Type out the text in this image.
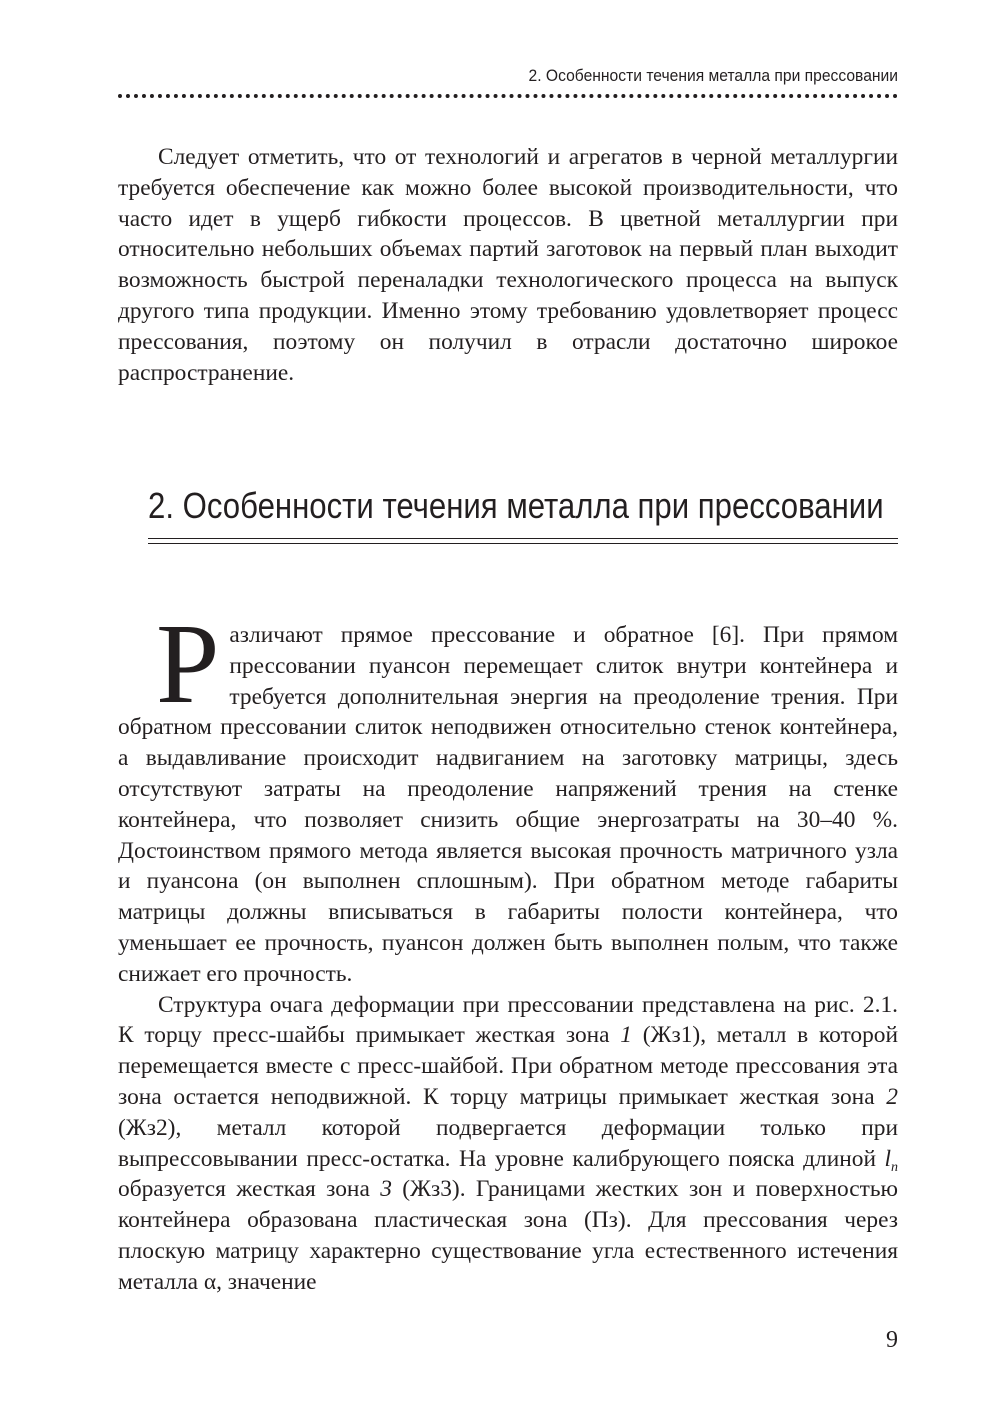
2. Особенности течения металла при прессовании

Следует отметить, что от технологий и агрегатов в черной металлургии требуется обеспечение как можно более высокой производительности, что часто идет в ущерб гибкости процессов. В цветной металлургии при относительно небольших объемах партий заготовок на первый план выходит возможность быстрой переналадки технологического процесса на выпуск другого типа продукции. Именно этому требованию удовлетворяет процесс прессования, поэтому он получил в отрасли достаточно широкое распространение.

2. Особенности течения металла при прессовании

Различают прямое прессование и обратное [6]. При прямом прессовании пуансон перемещает слиток внутри контейнера и требуется дополнительная энергия на преодоление трения. При обратном прессовании слиток неподвижен относительно стенок контейнера, а выдавливание происходит надвиганием на заготовку матрицы, здесь отсутствуют затраты на преодоление напряжений трения на стенке контейнера, что позволяет снизить общие энергозатраты на 30–40 %. Достоинством прямого метода является высокая прочность матричного узла и пуансона (он выполнен сплошным). При обратном методе габариты матрицы должны вписываться в габариты полости контейнера, что уменьшает ее прочность, пуансон должен быть выполнен полым, что также снижает его прочность.

Структура очага деформации при прессовании представлена на рис. 2.1. К торцу пресс-шайбы примыкает жесткая зона 1 (Жз1), металл в которой перемещается вместе с пресс-шайбой. При обратном методе прессования эта зона остается неподвижной. К торцу матрицы примыкает жесткая зона 2 (Жз2), металл которой подвергается деформации только при выпрессовывании пресс-остатка. На уровне калибрующего пояска длиной $l_n$ образуется жесткая зона 3 (Жз3). Границами жестких зон и поверхностью контейнера образована пластическая зона (Пз). Для прессования через плоскую матрицу характерно существование угла естественного истечения металла α, значение

9
